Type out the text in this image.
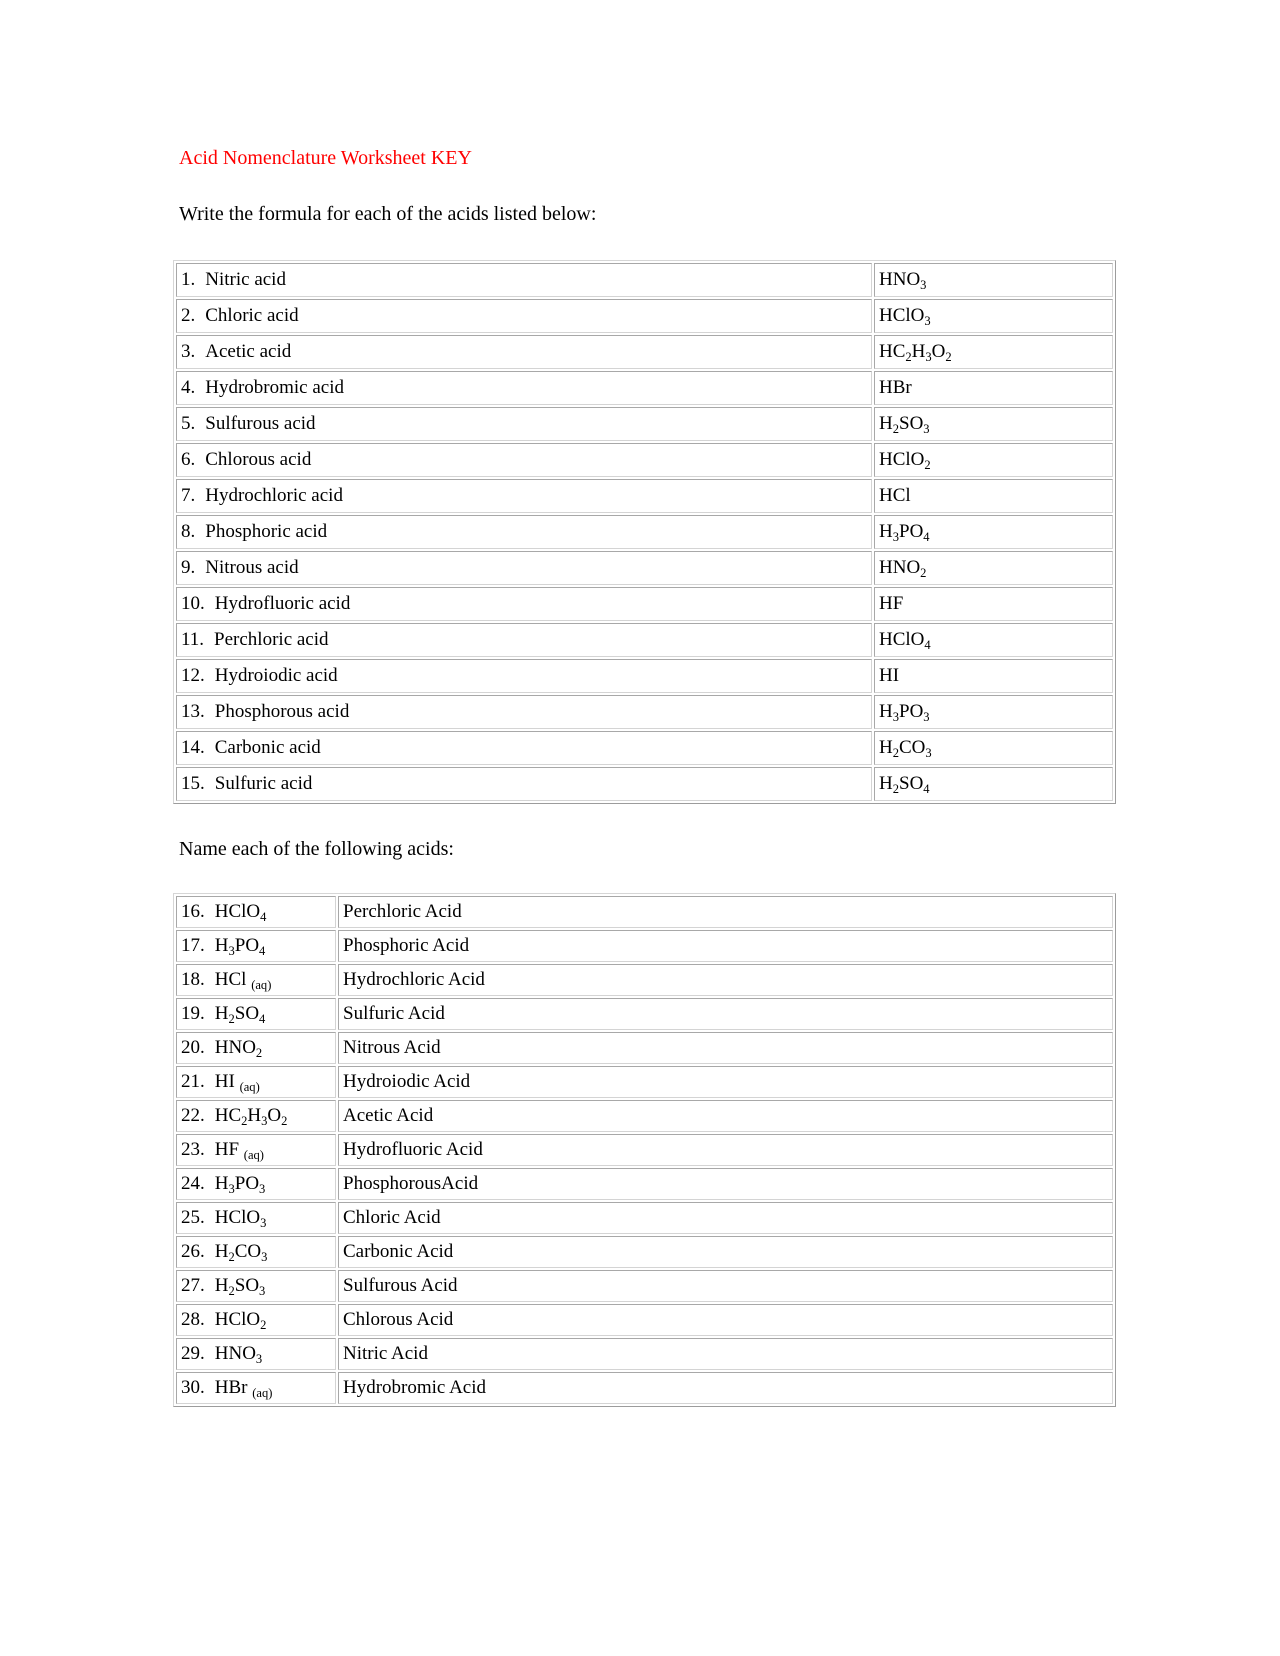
Acid Nomenclature Worksheet KEY

Write the formula for each of the acids listed below:

1. Nitric acid	$HNO_3$
2. Chloric acid	HClO$_3$
3. Acetic acid	$HC_2H_3O_2$
4. Hydrobromic acid	HBr
5. Sulfurous acid	$H_2SO_3$
6. Chlorous acid	HClO$_2$
7. Hydrochloric acid	HCl
8. Phosphoric acid	$H_3PO_4$
9. Nitrous acid	$HNO_2$
10. Hydrofluoric acid	HF
11. Perchloric acid	HClO$_4$
12. Hydroiodic acid	HI
13. Phosphorous acid	$H_3PO_3$
14. Carbonic acid	$H_2CO_3$
15. Sulfuric acid	$H_2SO_4$

Name each of the following acids:

16. HClO$_4$	Perchloric Acid
17. $H_3PO_4$	Phosphoric Acid
18. HCl $_{(aq)}$	Hydrochloric Acid
19. $H_2SO_4$	Sulfuric Acid
20. $HNO_2$	Nitrous Acid
21. HI $_{(aq)}$	Hydroiodic Acid
22. $HC_2H_3O_2$	Acetic Acid
23. HF $_{(aq)}$	Hydrofluoric Acid
24. $H_3PO_3$	PhosphorousAcid
25. HClO$_3$	Chloric Acid
26. $H_2CO_3$	Carbonic Acid
27. $H_2SO_3$	Sulfurous Acid
28. HClO$_2$	Chlorous Acid
29. $HNO_3$	Nitric Acid
30. HBr $_{(aq)}$	Hydrobromic Acid
